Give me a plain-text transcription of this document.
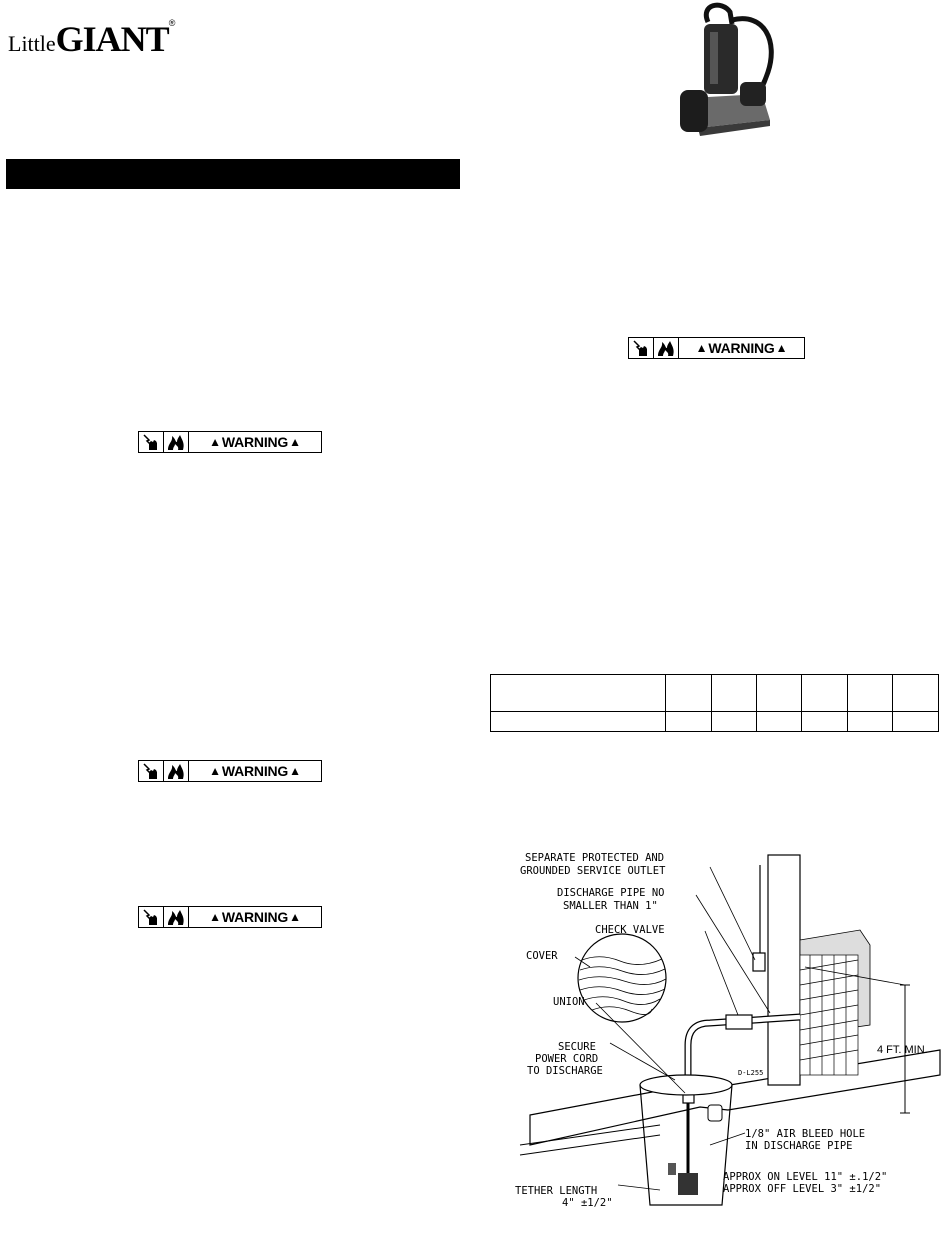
LittleGIANT®
▲ WARNING ▲
▲ WARNING ▲
▲ WARNING ▲
▲ WARNING ▲

SEPARATE PROTECTED AND
GROUNDED SERVICE OUTLET
DISCHARGE PIPE NO
SMALLER THAN 1"
CHECK VALVE
COVER
UNION
SECURE
POWER CORD
TO DISCHARGE	D-L255
4 FT. MIN.
1/8" AIR BLEED HOLE
IN DISCHARGE PIPE
APPROX ON LEVEL 11" ±.1/2"
APPROX OFF LEVEL 3" ±1/2"
TETHER LENGTH
4" ±1/2"
